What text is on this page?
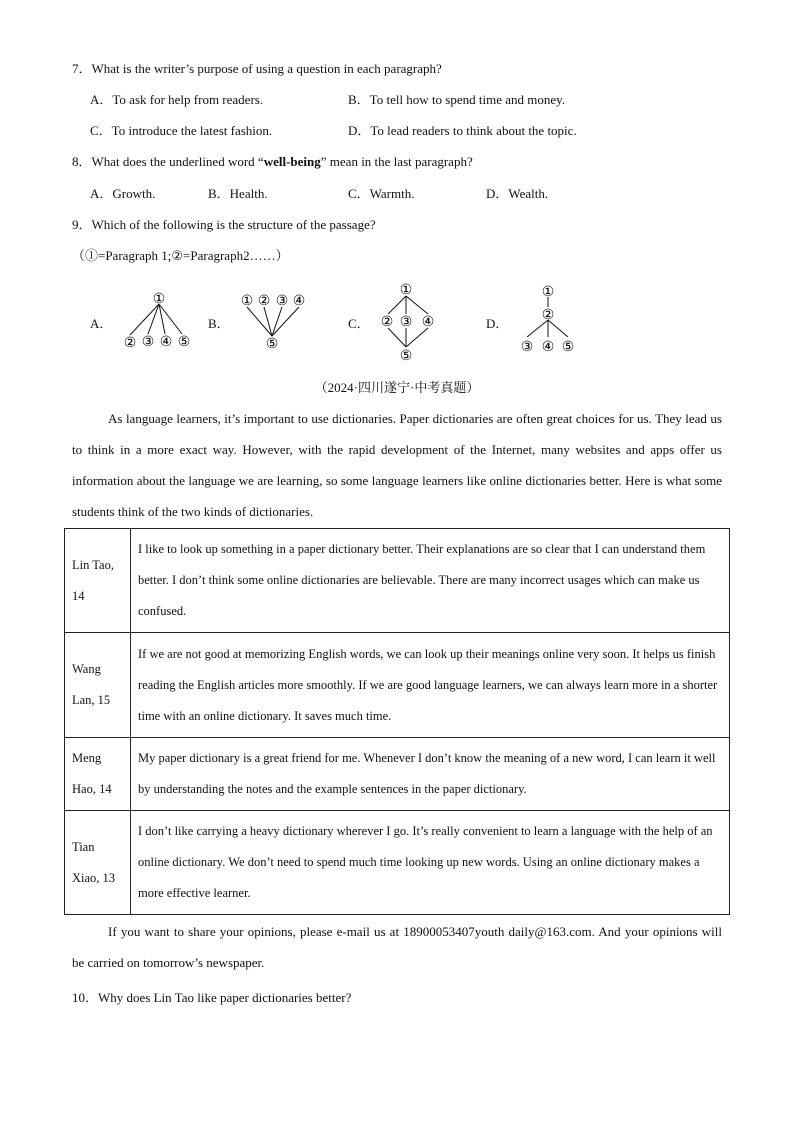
7．What is the writer’s purpose of using a question in each paragraph?
A．To ask for help from readers.	B．To tell how to spend time and money.
C．To introduce the latest fashion.	D．To lead readers to think about the topic.
8．What does the underlined word “well-being” mean in the last paragraph?
A．Growth.	B．Health.	C．Warmth.	D．Wealth.
9．Which of the following is the structure of the passage?
（①=Paragraph 1;②=Paragraph2……）
A．	B．	C．	D．
①
② ③ ④ ⑤
① ② ③ ④
⑤
①
② ③ ④
⑤
①
②
③ ④ ⑤
（2024·四川遂宁·中考真题）
As language learners, it’s important to use dictionaries. Paper dictionaries are often great choices for us. They lead us to think in a more exact way. However, with the rapid development of the Internet, many websites and apps offer us information about the language we are learning, so some language learners like online dictionaries better. Here is what some students think of the two kinds of dictionaries.
Lin Tao, 14	I like to look up something in a paper dictionary better. Their explanations are so clear that I can understand them better. I don’t think some online dictionaries are believable. There are many incorrect usages which can make us confused.
Wang Lan, 15	If we are not good at memorizing English words, we can look up their meanings online very soon. It helps us finish reading the English articles more smoothly. If we are good language learners, we can always learn more in a shorter time with an online dictionary. It saves much time.
Meng Hao, 14	My paper dictionary is a great friend for me. Whenever I don’t know the meaning of a new word, I can learn it well by understanding the notes and the example sentences in the paper dictionary.
Tian Xiao, 13	I don’t like carrying a heavy dictionary wherever I go. It’s really convenient to learn a language with the help of an online dictionary. We don’t need to spend much time looking up new words. Using an online dictionary makes a more effective learner.
If you want to share your opinions, please e-mail us at 18900053407youth daily@163.com. And your opinions will be carried on tomorrow’s newspaper.
10．Why does Lin Tao like paper dictionaries better?
